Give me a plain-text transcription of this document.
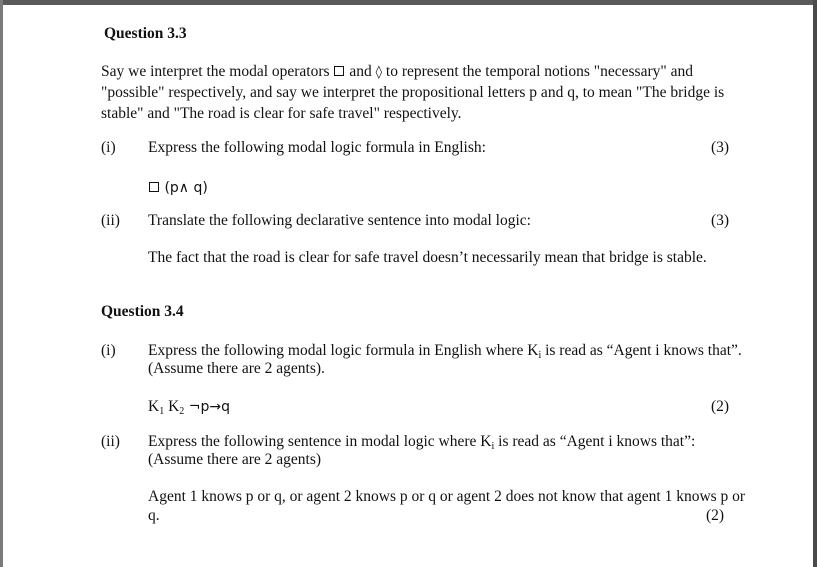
Question 3.3
Say we interpret the modal operators and ◊ to represent the temporal notions "necessary" and
"possible" respectively, and say we interpret the propositional letters p and q, to mean "The bridge is
stable" and "The road is clear for safe travel" respectively.
(i) Express the following modal logic formula in English:	(3)
(p∧ q)
(ii) Translate the following declarative sentence into modal logic:	(3)
The fact that the road is clear for safe travel doesn’t necessarily mean that bridge is stable.
Question 3.4
(i) Express the following modal logic formula in English where $K_i$ is read as “Agent i knows that”.
(Assume there are 2 agents).
$K_1$ $K_2$ ¬p→q	(2)
(ii) Express the following sentence in modal logic where $K_i$ is read as “Agent i knows that”:
(Assume there are 2 agents)
Agent 1 knows p or q, or agent 2 knows p or q or agent 2 does not know that agent 1 knows p or
q.	(2)
